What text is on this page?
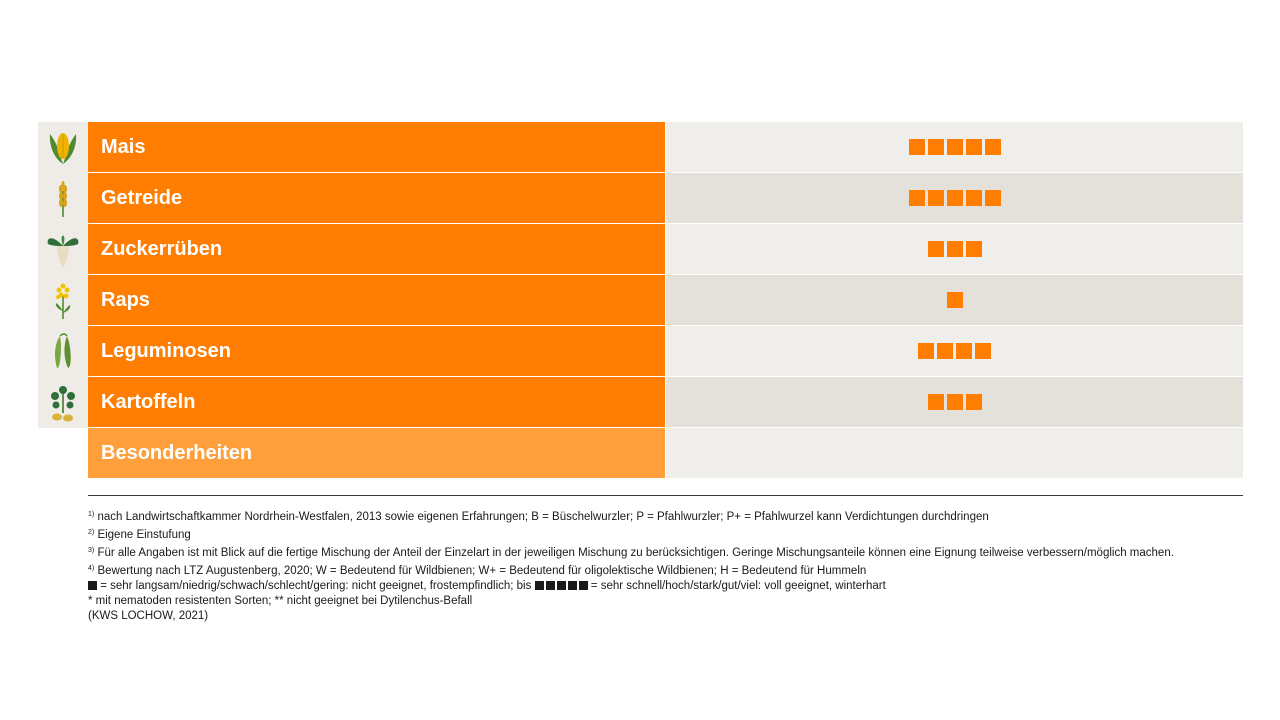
Mais
Getreide
Zuckerrüben
Raps
Leguminosen
Kartoffeln
Besonderheiten
$^{1)}$ nach Landwirtschaftkammer Nordrhein-Westfalen, 2013 sowie eigenen Erfahrungen; B = Büschelwurzler; P = Pfahlwurzler; P+ = Pfahlwurzel kann Verdichtungen durchdringen
$^{2)}$ Eigene Einstufung
$^{3)}$ Für alle Angaben ist mit Blick auf die fertige Mischung der Anteil der Einzelart in der jeweiligen Mischung zu berücksichtigen. Geringe Mischungsanteile können eine Eignung teilweise verbessern/möglich machen.
$^{4)}$ Bewertung nach LTZ Augustenberg, 2020; W = Bedeutend für Wildbienen; W+ = Bedeutend für oligolektische Wildbienen; H = Bedeutend für Hummeln
= sehr langsam/niedrig/schwach/schlecht/gering: nicht geeignet, frostempfindlich; bis	= sehr schnell/hoch/stark/gut/viel: voll geeignet, winterhart
* mit nematoden resistenten Sorten; ** nicht geeignet bei Dytilenchus-Befall
(KWS LOCHOW, 2021)
